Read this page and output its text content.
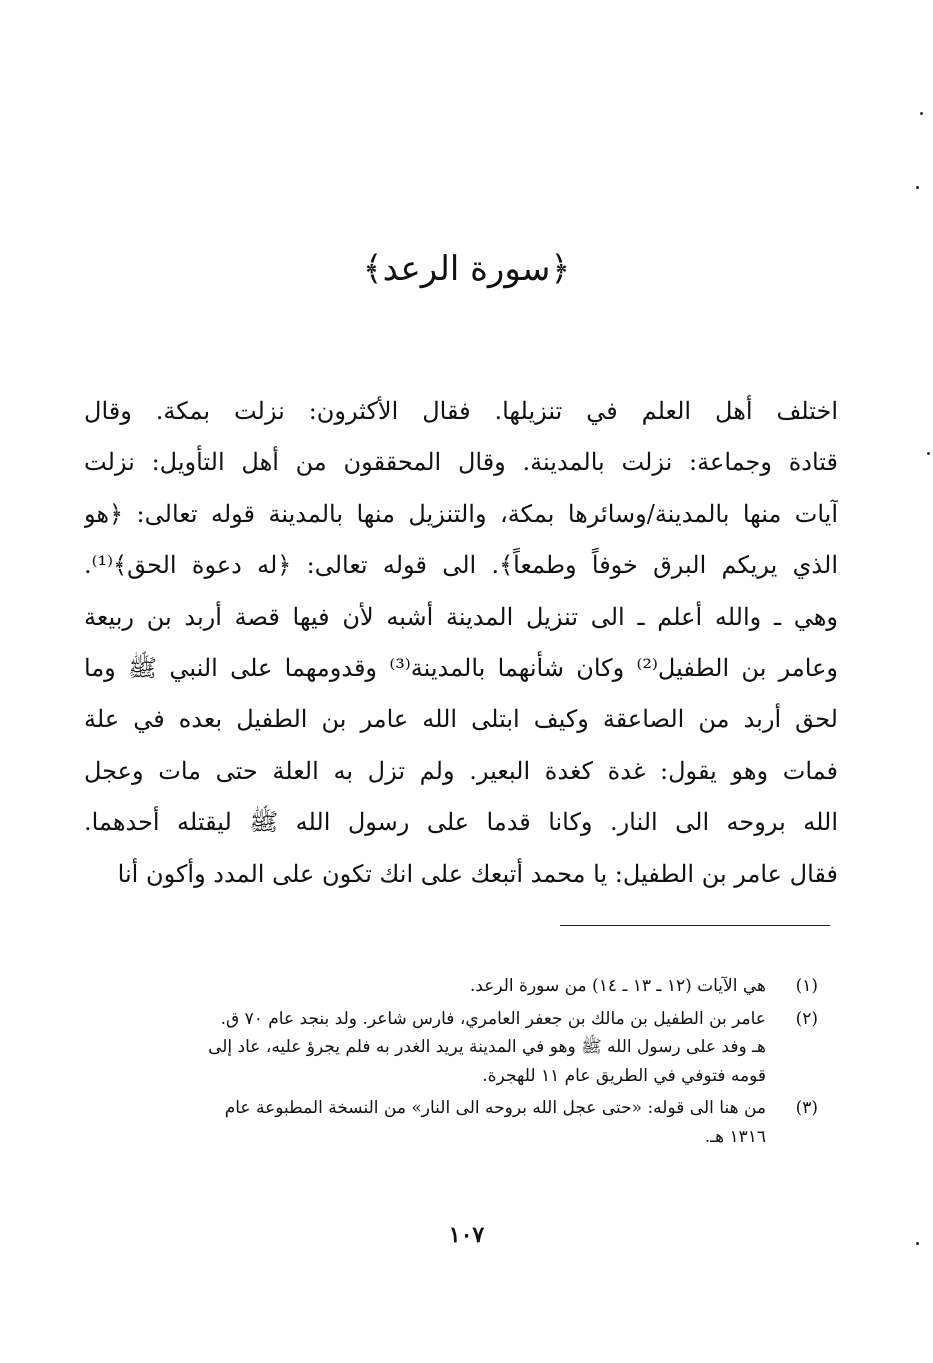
﴿سورة الرعد﴾
اختلف أهل العلم في تنزيلها. فقال الأكثرون: نزلت بمكة. وقال
قتادة وجماعة: نزلت بالمدينة. وقال المحققون من أهل التأويل: نزلت
آيات منها بالمدينة/وسائرها بمكة، والتنزيل منها بالمدينة قوله تعالى: ﴿هو
الذي يريكم البرق خوفاً وطمعاً﴾. الى قوله تعالى: ﴿له دعوة الحق﴾⁽¹⁾.
وهي ـ والله أعلم ـ الى تنزيل المدينة أشبه لأن فيها قصة أربد بن ربيعة
وعامر بن الطفيل⁽²⁾ وكان شأنهما بالمدينة⁽³⁾ وقدومهما على النبي ﷺ وما
لحق أربد من الصاعقة وكيف ابتلى الله عامر بن الطفيل بعده في علة
فمات وهو يقول: غدة كغدة البعير. ولم تزل به العلة حتى مات وعجل
الله بروحه الى النار. وكانا قدما على رسول الله ﷺ ليقتله أحدهما.
فقال عامر بن الطفيل: يا محمد أتبعك على انك تكون على المدد وأكون أنا
(١)
هي الآيات (١٢ ـ ١٣ ـ ١٤) من سورة الرعد.
(٢)
عامر بن الطفيل بن مالك بن جعفر العامري، فارس شاعر. ولد بنجد عام ٧٠ ق.
هـ وفد على رسول الله ﷺ وهو في المدينة يريد الغدر به فلم يجرؤ عليه، عاد إلى
قومه فتوفي في الطريق عام ١١ للهجرة.
(٣)
من هنا الى قوله: «حتى عجل الله بروحه الى النار» من النسخة المطبوعة عام
١٣١٦ هـ.
١٠٧
